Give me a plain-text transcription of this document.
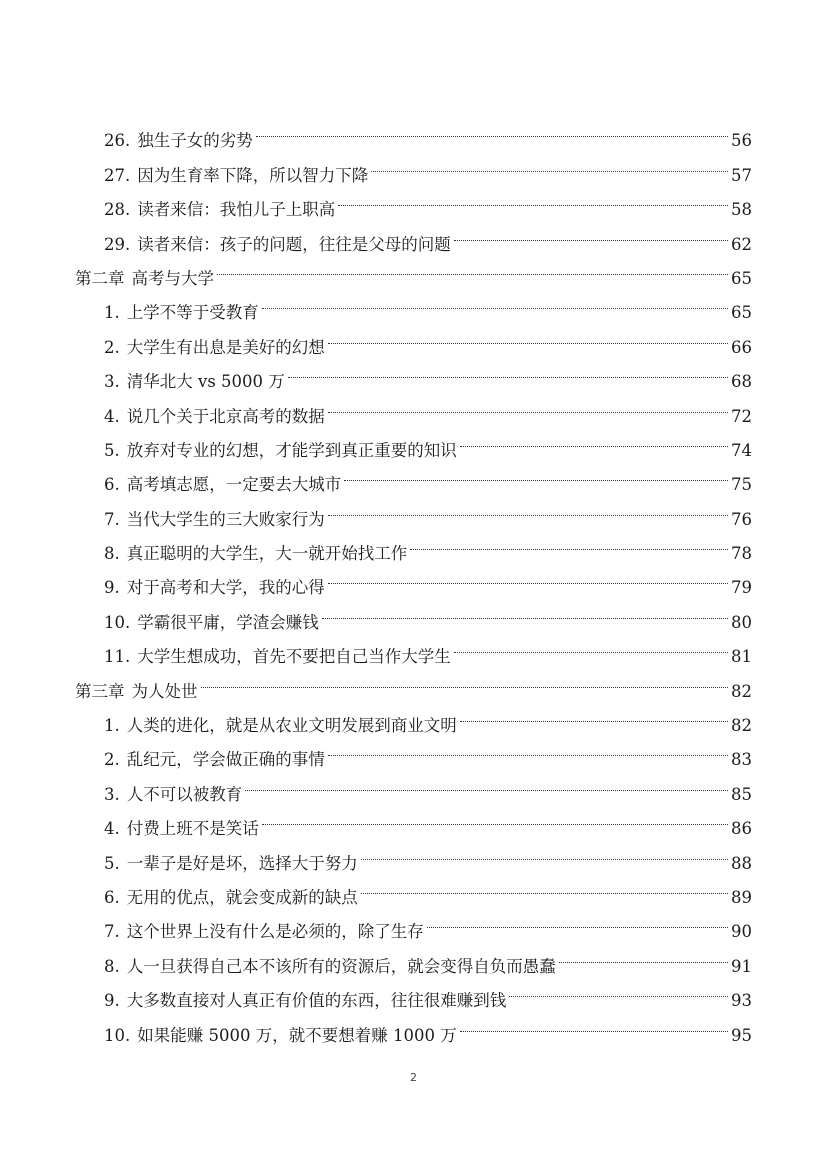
26. 独生子女的劣势	56
27. 因为生育率下降，所以智力下降	57
28. 读者来信：我怕儿子上职高	58
29. 读者来信：孩子的问题，往往是父母的问题	62
第二章 高考与大学	65
1. 上学不等于受教育	65
2. 大学生有出息是美好的幻想	66
3. 清华北大 vs 5000 万	68
4. 说几个关于北京高考的数据	72
5. 放弃对专业的幻想，才能学到真正重要的知识	74
6. 高考填志愿，一定要去大城市	75
7. 当代大学生的三大败家行为	76
8. 真正聪明的大学生，大一就开始找工作	78
9. 对于高考和大学，我的心得	79
10. 学霸很平庸，学渣会赚钱	80
11. 大学生想成功，首先不要把自己当作大学生	81
第三章 为人处世	82
1. 人类的进化，就是从农业文明发展到商业文明	82
2. 乱纪元，学会做正确的事情	83
3. 人不可以被教育	85
4. 付费上班不是笑话	86
5. 一辈子是好是坏，选择大于努力	88
6. 无用的优点，就会变成新的缺点	89
7. 这个世界上没有什么是必须的，除了生存	90
8. 人一旦获得自己本不该所有的资源后，就会变得自负而愚蠢	91
9. 大多数直接对人真正有价值的东西，往往很难赚到钱	93
10. 如果能赚 5000 万，就不要想着赚 1000 万	95
2
